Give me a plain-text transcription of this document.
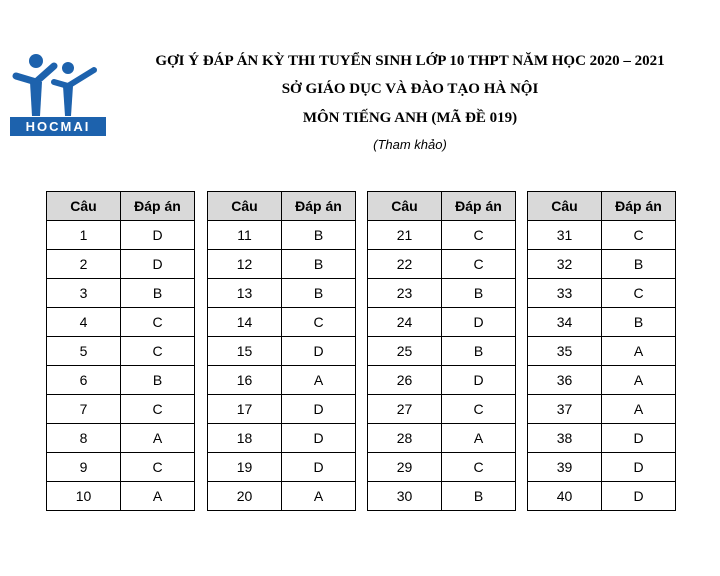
HOCMAI
GỢI Ý ĐÁP ÁN KỲ THI TUYỂN SINH LỚP 10 THPT NĂM HỌC 2020 – 2021
SỞ GIÁO DỤC VÀ ĐÀO TẠO HÀ NỘI
MÔN TIẾNG ANH (MÃ ĐỀ 019)
(Tham khảo)
Câu	Đáp án
1	D
2	D
3	B
4	C
5	C
6	B
7	C
8	A
9	C
10	A
Câu	Đáp án
11	B
12	B
13	B
14	C
15	D
16	A
17	D
18	D
19	D
20	A
Câu	Đáp án
21	C
22	C
23	B
24	D
25	B
26	D
27	C
28	A
29	C
30	B
Câu	Đáp án
31	C
32	B
33	C
34	B
35	A
36	A
37	A
38	D
39	D
40	D
